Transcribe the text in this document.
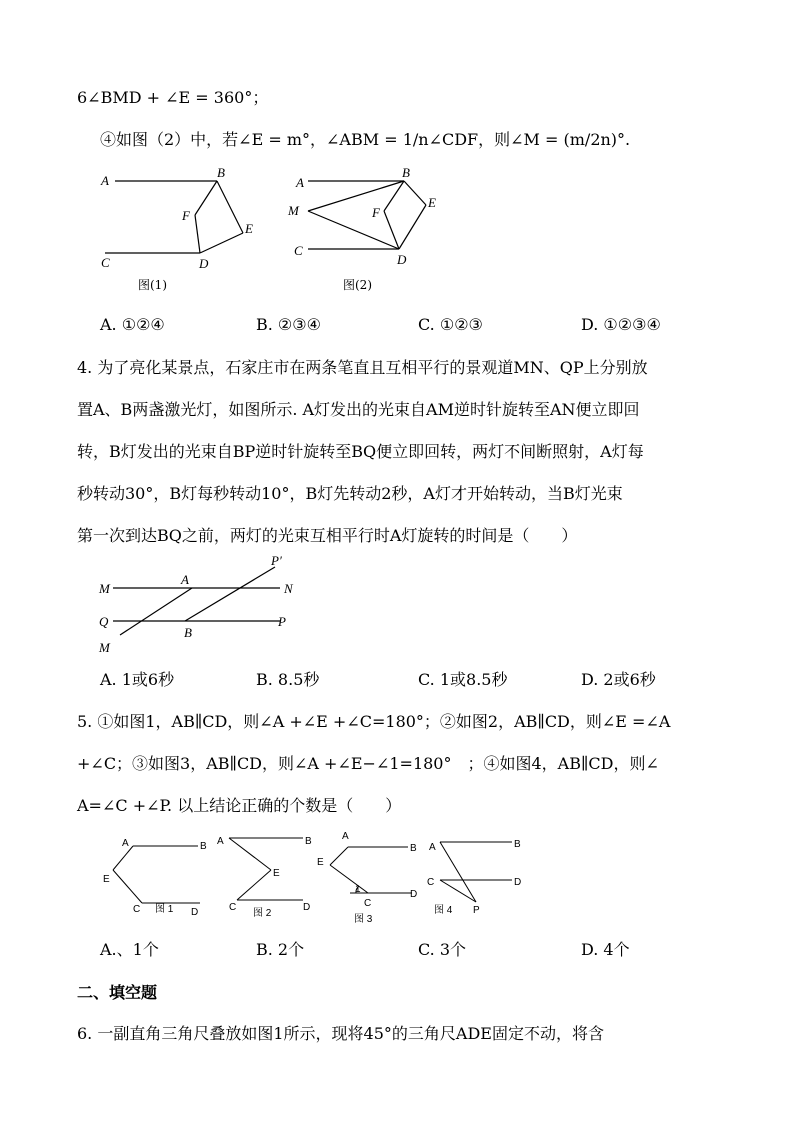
6∠BMD + ∠E = 360°；
④如图（2）中，若∠E = m°，∠ABM = 1/n∠CDF，则∠M = (m/2n)°.
A
B
F
E
C	D
图(1)
A
B
M	F
E
C
D
图(2)
A. ①②④	B. ②③④	C. ①②③	D. ①②③④
4. 为了亮化某景点，石家庄市在两条笔直且互相平行的景观道MN、QP上分别放
置A、B两盏激光灯，如图所示. A灯发出的光束自AM逆时针旋转至AN便立即回
转，B灯发出的光束自BP逆时针旋转至BQ便立即回转，两灯不间断照射，A灯每
秒转动30°，B灯每秒转动10°，B灯先转动2秒，A灯才开始转动，当B灯光束
第一次到达BQ之前，两灯的光束互相平行时A灯旋转的时间是（　　）
P′
M
A
N
Q
B
P
M
A. 1或6秒	B. 8.5秒	C. 1或8.5秒	D. 2或6秒
5. ①如图1，AB∥CD，则∠A +∠E +∠C=180°；②如图2，AB∥CD，则∠E =∠A
+∠C；③如图3，AB∥CD，则∠A +∠E−∠1=180°　；④如图4，AB∥CD，则∠
A=∠C +∠P. 以上结论正确的个数是（　　）
A	B
E
C	D
图 1
A	B
E
C	D
图 2
A
B
E
1
C
D
图 3
A	B
C	D
P
图 4
A.、1个	B. 2个	C. 3个	D. 4个
二、填空题
6. 一副直角三角尺叠放如图1所示，现将45°的三角尺ADE固定不动，将含
